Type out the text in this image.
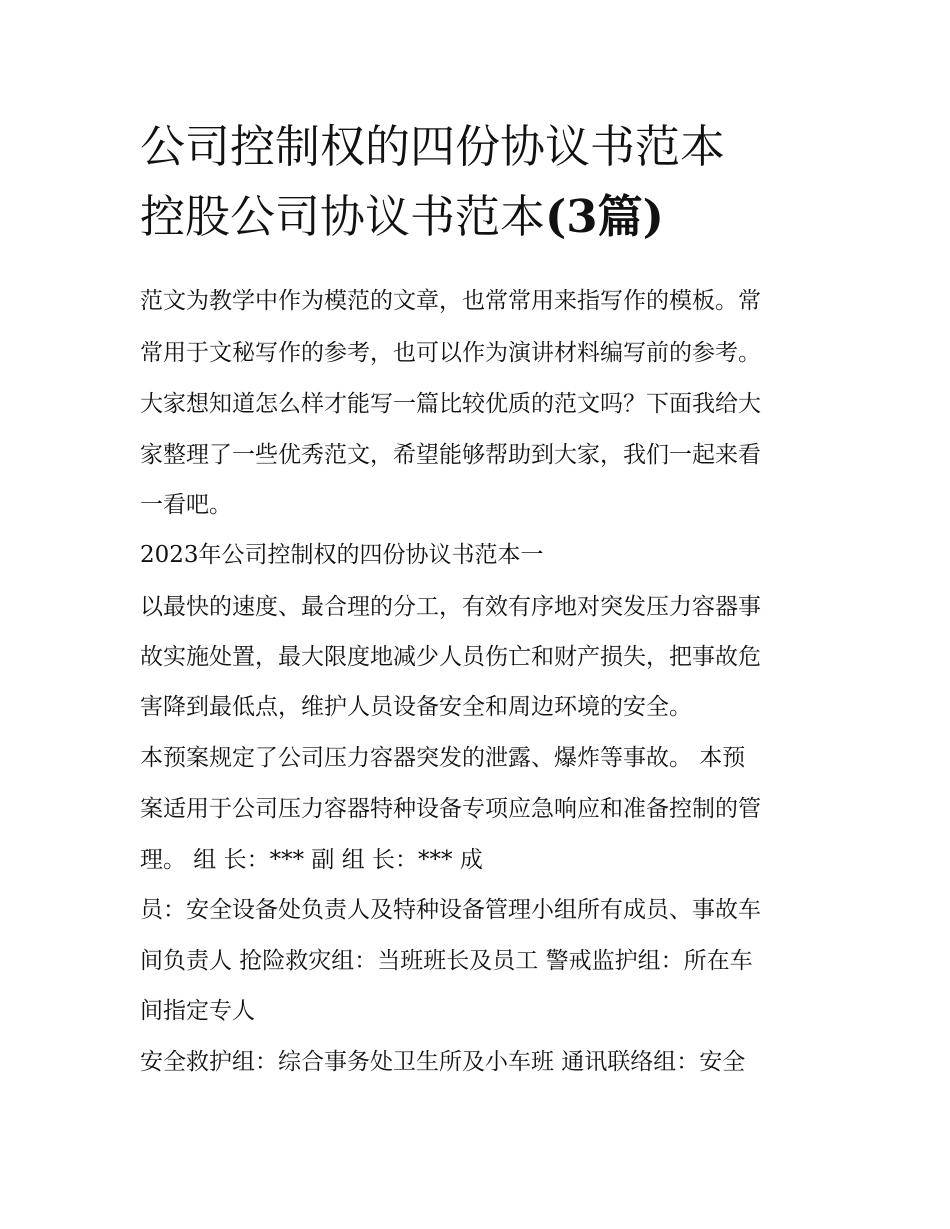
公司控制权的四份协议书范本
控股公司协议书范本(3篇)

范文为教学中作为模范的文章，也常常用来指写作的模板。常

常用于文秘写作的参考，也可以作为演讲材料编写前的参考。

大家想知道怎么样才能写一篇比较优质的范文吗？下面我给大

家整理了一些优秀范文，希望能够帮助到大家，我们一起来看

一看吧。

2023年公司控制权的四份协议书范本一

以最快的速度、最合理的分工，有效有序地对突发压力容器事

故实施处置，最大限度地减少人员伤亡和财产损失，把事故危

害降到最低点，维护人员设备安全和周边环境的安全。

本预案规定了公司压力容器突发的泄露、爆炸等事故。 本预

案适用于公司压力容器特种设备专项应急响应和准备控制的管

理。 组 长：*** 副 组 长：*** 成

员：安全设备处负责人及特种设备管理小组所有成员、事故车

间负责人 抢险救灾组：当班班长及员工 警戒监护组：所在车

间指定专人

安全救护组：综合事务处卫生所及小车班 通讯联络组：安全
